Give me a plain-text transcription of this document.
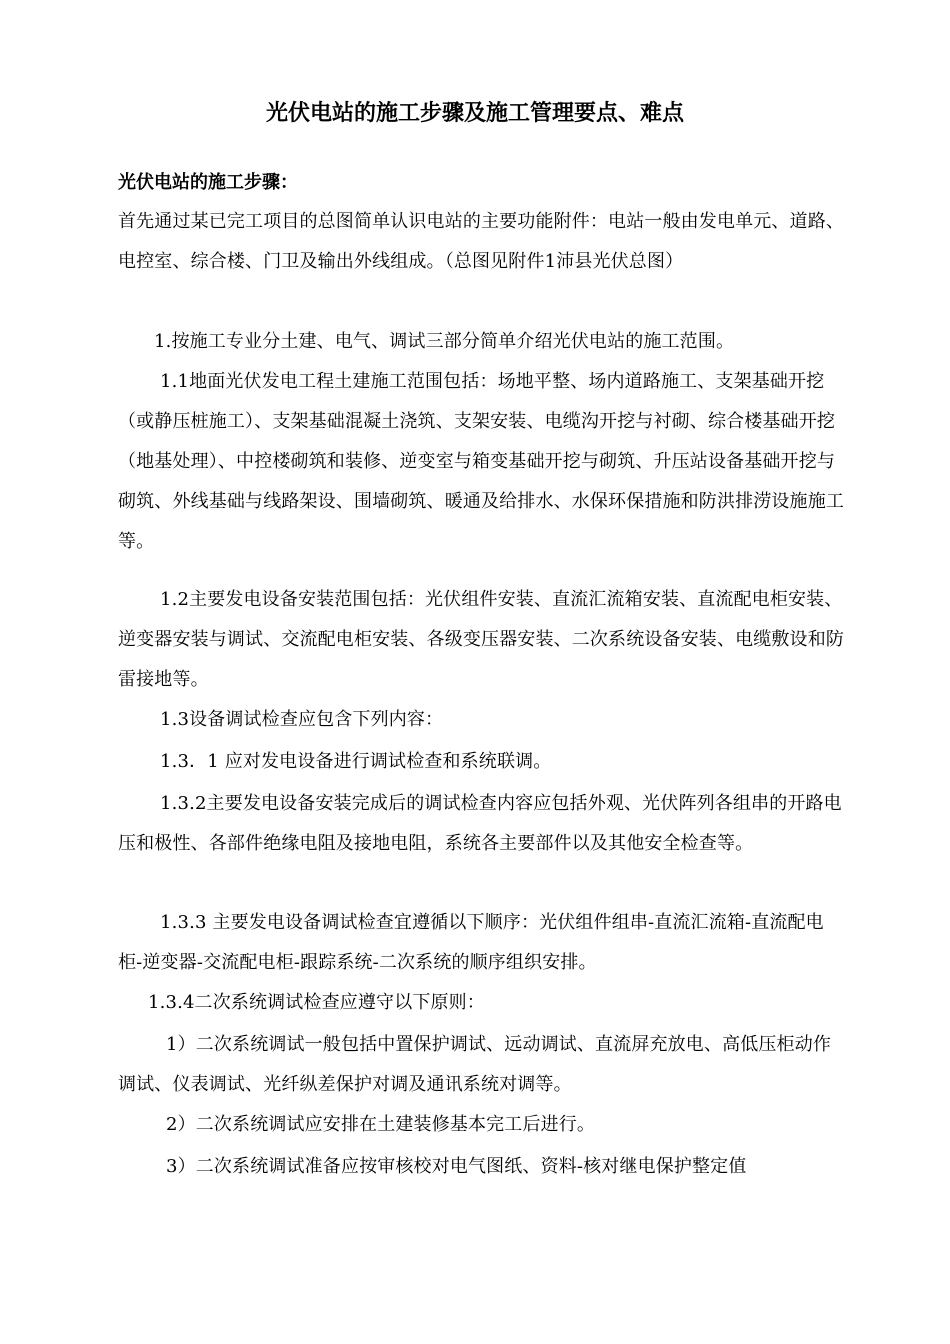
光伏电站的施工步骤及施工管理要点、难点
光伏电站的施工步骤：

首先通过某已完工项目的总图简单认识电站的主要功能附件：电站一般由发电单元、道路、电控室、综合楼、门卫及输出外线组成。（总图见附件1沛县光伏总图）

1.按施工专业分土建、电气、调试三部分简单介绍光伏电站的施工范围。

1.1地面光伏发电工程土建施工范围包括：场地平整、场内道路施工、支架基础开挖（或静压桩施工）、支架基础混凝土浇筑、支架安装、电缆沟开挖与衬砌、综合楼基础开挖（地基处理）、中控楼砌筑和装修、逆变室与箱变基础开挖与砌筑、升压站设备基础开挖与砌筑、外线基础与线路架设、围墙砌筑、暖通及给排水、水保环保措施和防洪排涝设施施工等。

1.2主要发电设备安装范围包括：光伏组件安装、直流汇流箱安装、直流配电柜安装、逆变器安装与调试、交流配电柜安装、各级变压器安装、二次系统设备安装、电缆敷设和防雷接地等。

1.3设备调试检查应包含下列内容：

1.3．1 应对发电设备进行调试检查和系统联调。

1.3.2主要发电设备安装完成后的调试检查内容应包括外观、光伏阵列各组串的开路电压和极性、各部件绝缘电阻及接地电阻，系统各主要部件以及其他安全检查等。

1.3.3 主要发电设备调试检查宜遵循以下顺序：光伏组件组串-直流汇流箱-直流配电柜-逆变器-交流配电柜-跟踪系统-二次系统的顺序组织安排。

1.3.4二次系统调试检查应遵守以下原则：

1）二次系统调试一般包括中置保护调试、远动调试、直流屏充放电、高低压柜动作调试、仪表调试、光纤纵差保护对调及通讯系统对调等。

2）二次系统调试应安排在土建装修基本完工后进行。

3）二次系统调试准备应按审核校对电气图纸、资料-核对继电保护整定值
